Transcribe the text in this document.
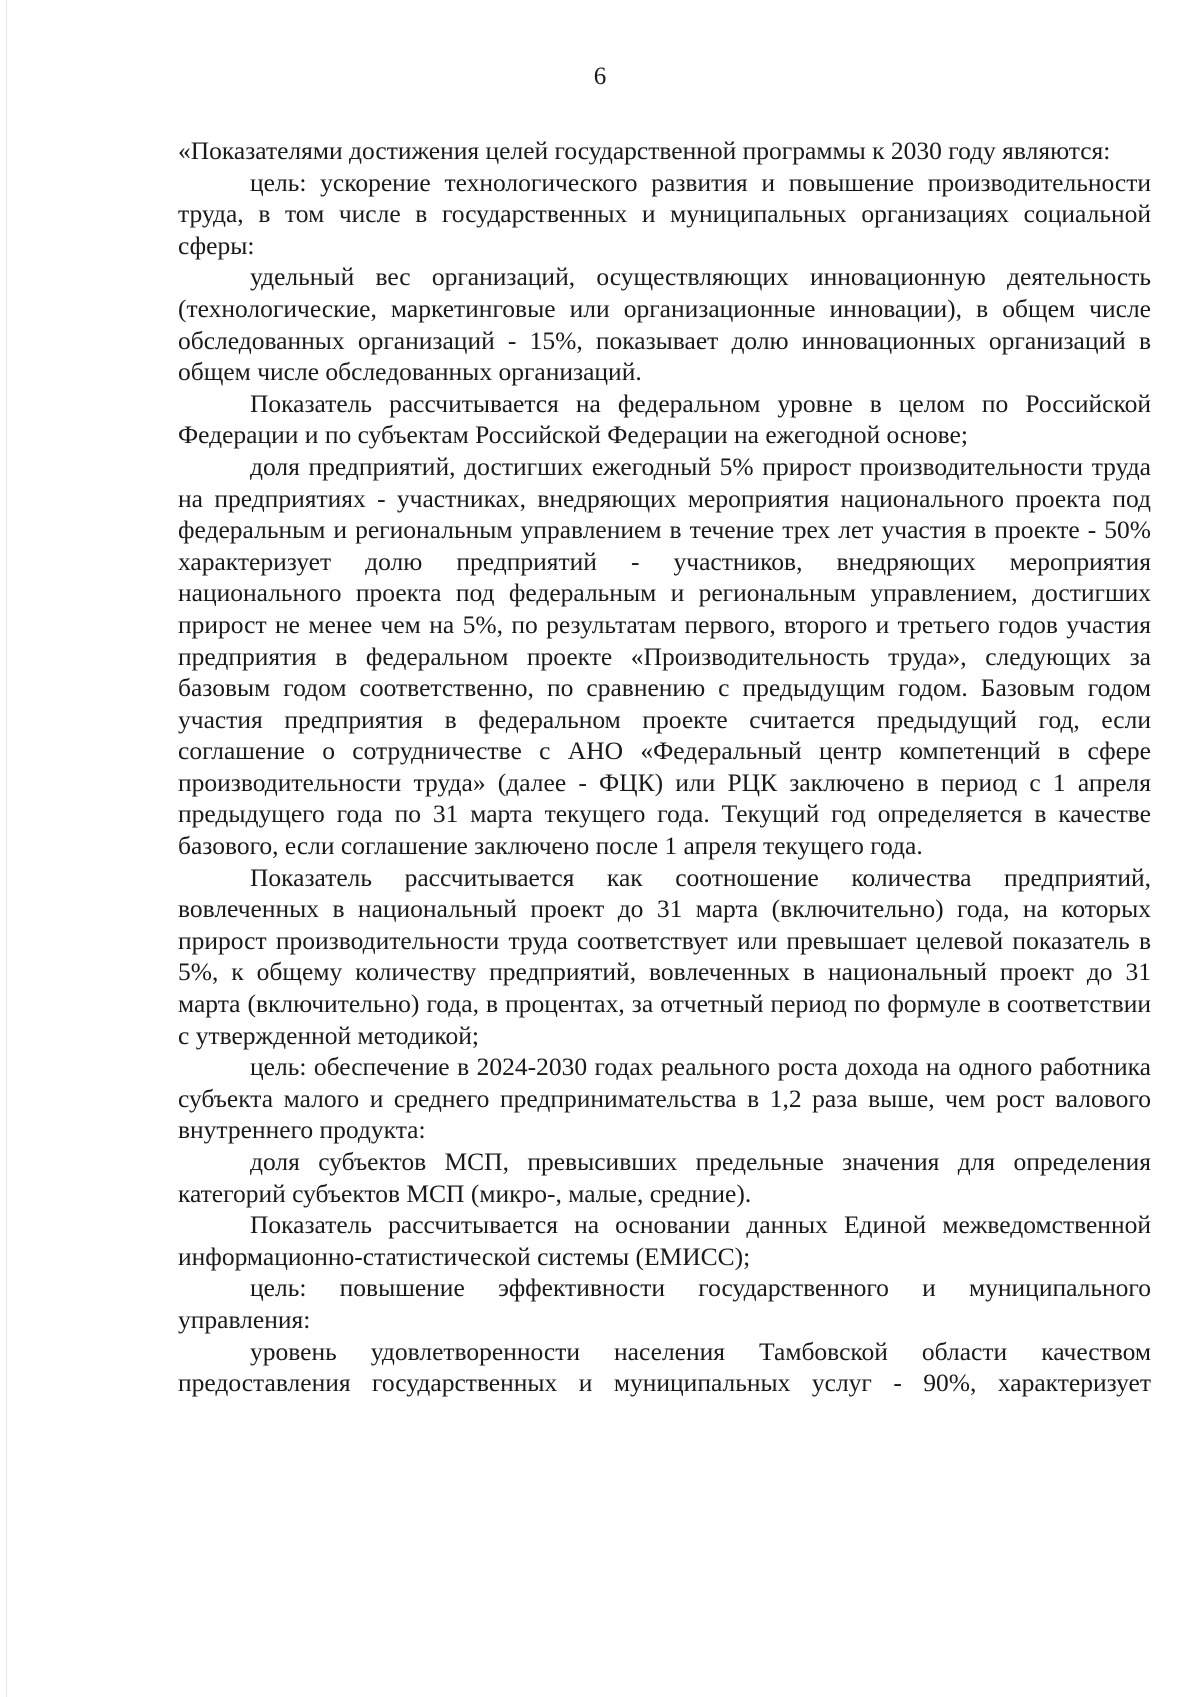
6

«Показателями достижения целей государственной программы к 2030 году являются:

цель: ускорение технологического развития и повышение производительности труда, в том числе в государственных и муниципальных организациях социальной сферы:

удельный вес организаций, осуществляющих инновационную деятельность (технологические, маркетинговые или организационные инновации), в общем числе обследованных организаций - 15%, показывает долю инновационных организаций в общем числе обследованных организаций.

Показатель рассчитывается на федеральном уровне в целом по Российской Федерации и по субъектам Российской Федерации на ежегодной основе;

доля предприятий, достигших ежегодный 5% прирост производительности труда на предприятиях - участниках, внедряющих мероприятия национального проекта под федеральным и региональным управлением в течение трех лет участия в проекте - 50% характеризует долю предприятий - участников, внедряющих мероприятия национального проекта под федеральным и региональным управлением, достигших прирост не менее чем на 5%, по результатам первого, второго и третьего годов участия предприятия в федеральном проекте «Производительность труда», следующих за базовым годом соответственно, по сравнению с предыдущим годом. Базовым годом участия предприятия в федеральном проекте считается предыдущий год, если соглашение о сотрудничестве с АНО «Федеральный центр компетенций в сфере производительности труда» (далее - ФЦК) или РЦК заключено в период с 1 апреля предыдущего года по 31 марта текущего года. Текущий год определяется в качестве базового, если соглашение заключено после 1 апреля текущего года.

Показатель рассчитывается как соотношение количества предприятий, вовлеченных в национальный проект до 31 марта (включительно) года, на которых прирост производительности труда соответствует или превышает целевой показатель в 5%, к общему количеству предприятий, вовлеченных в национальный проект до 31 марта (включительно) года, в процентах, за отчетный период по формуле в соответствии с утвержденной методикой;

цель: обеспечение в 2024-2030 годах реального роста дохода на одного работника субъекта малого и среднего предпринимательства в 1,2 раза выше, чем рост валового внутреннего продукта:

доля субъектов МСП, превысивших предельные значения для определения категорий субъектов МСП (микро-, малые, средние).

Показатель рассчитывается на основании данных Единой межведомственной информационно-статистической системы (ЕМИСС);

цель: повышение эффективности государственного и муниципального управления:

уровень удовлетворенности населения Тамбовской области качеством предоставления государственных и муниципальных услуг - 90%, характеризует
